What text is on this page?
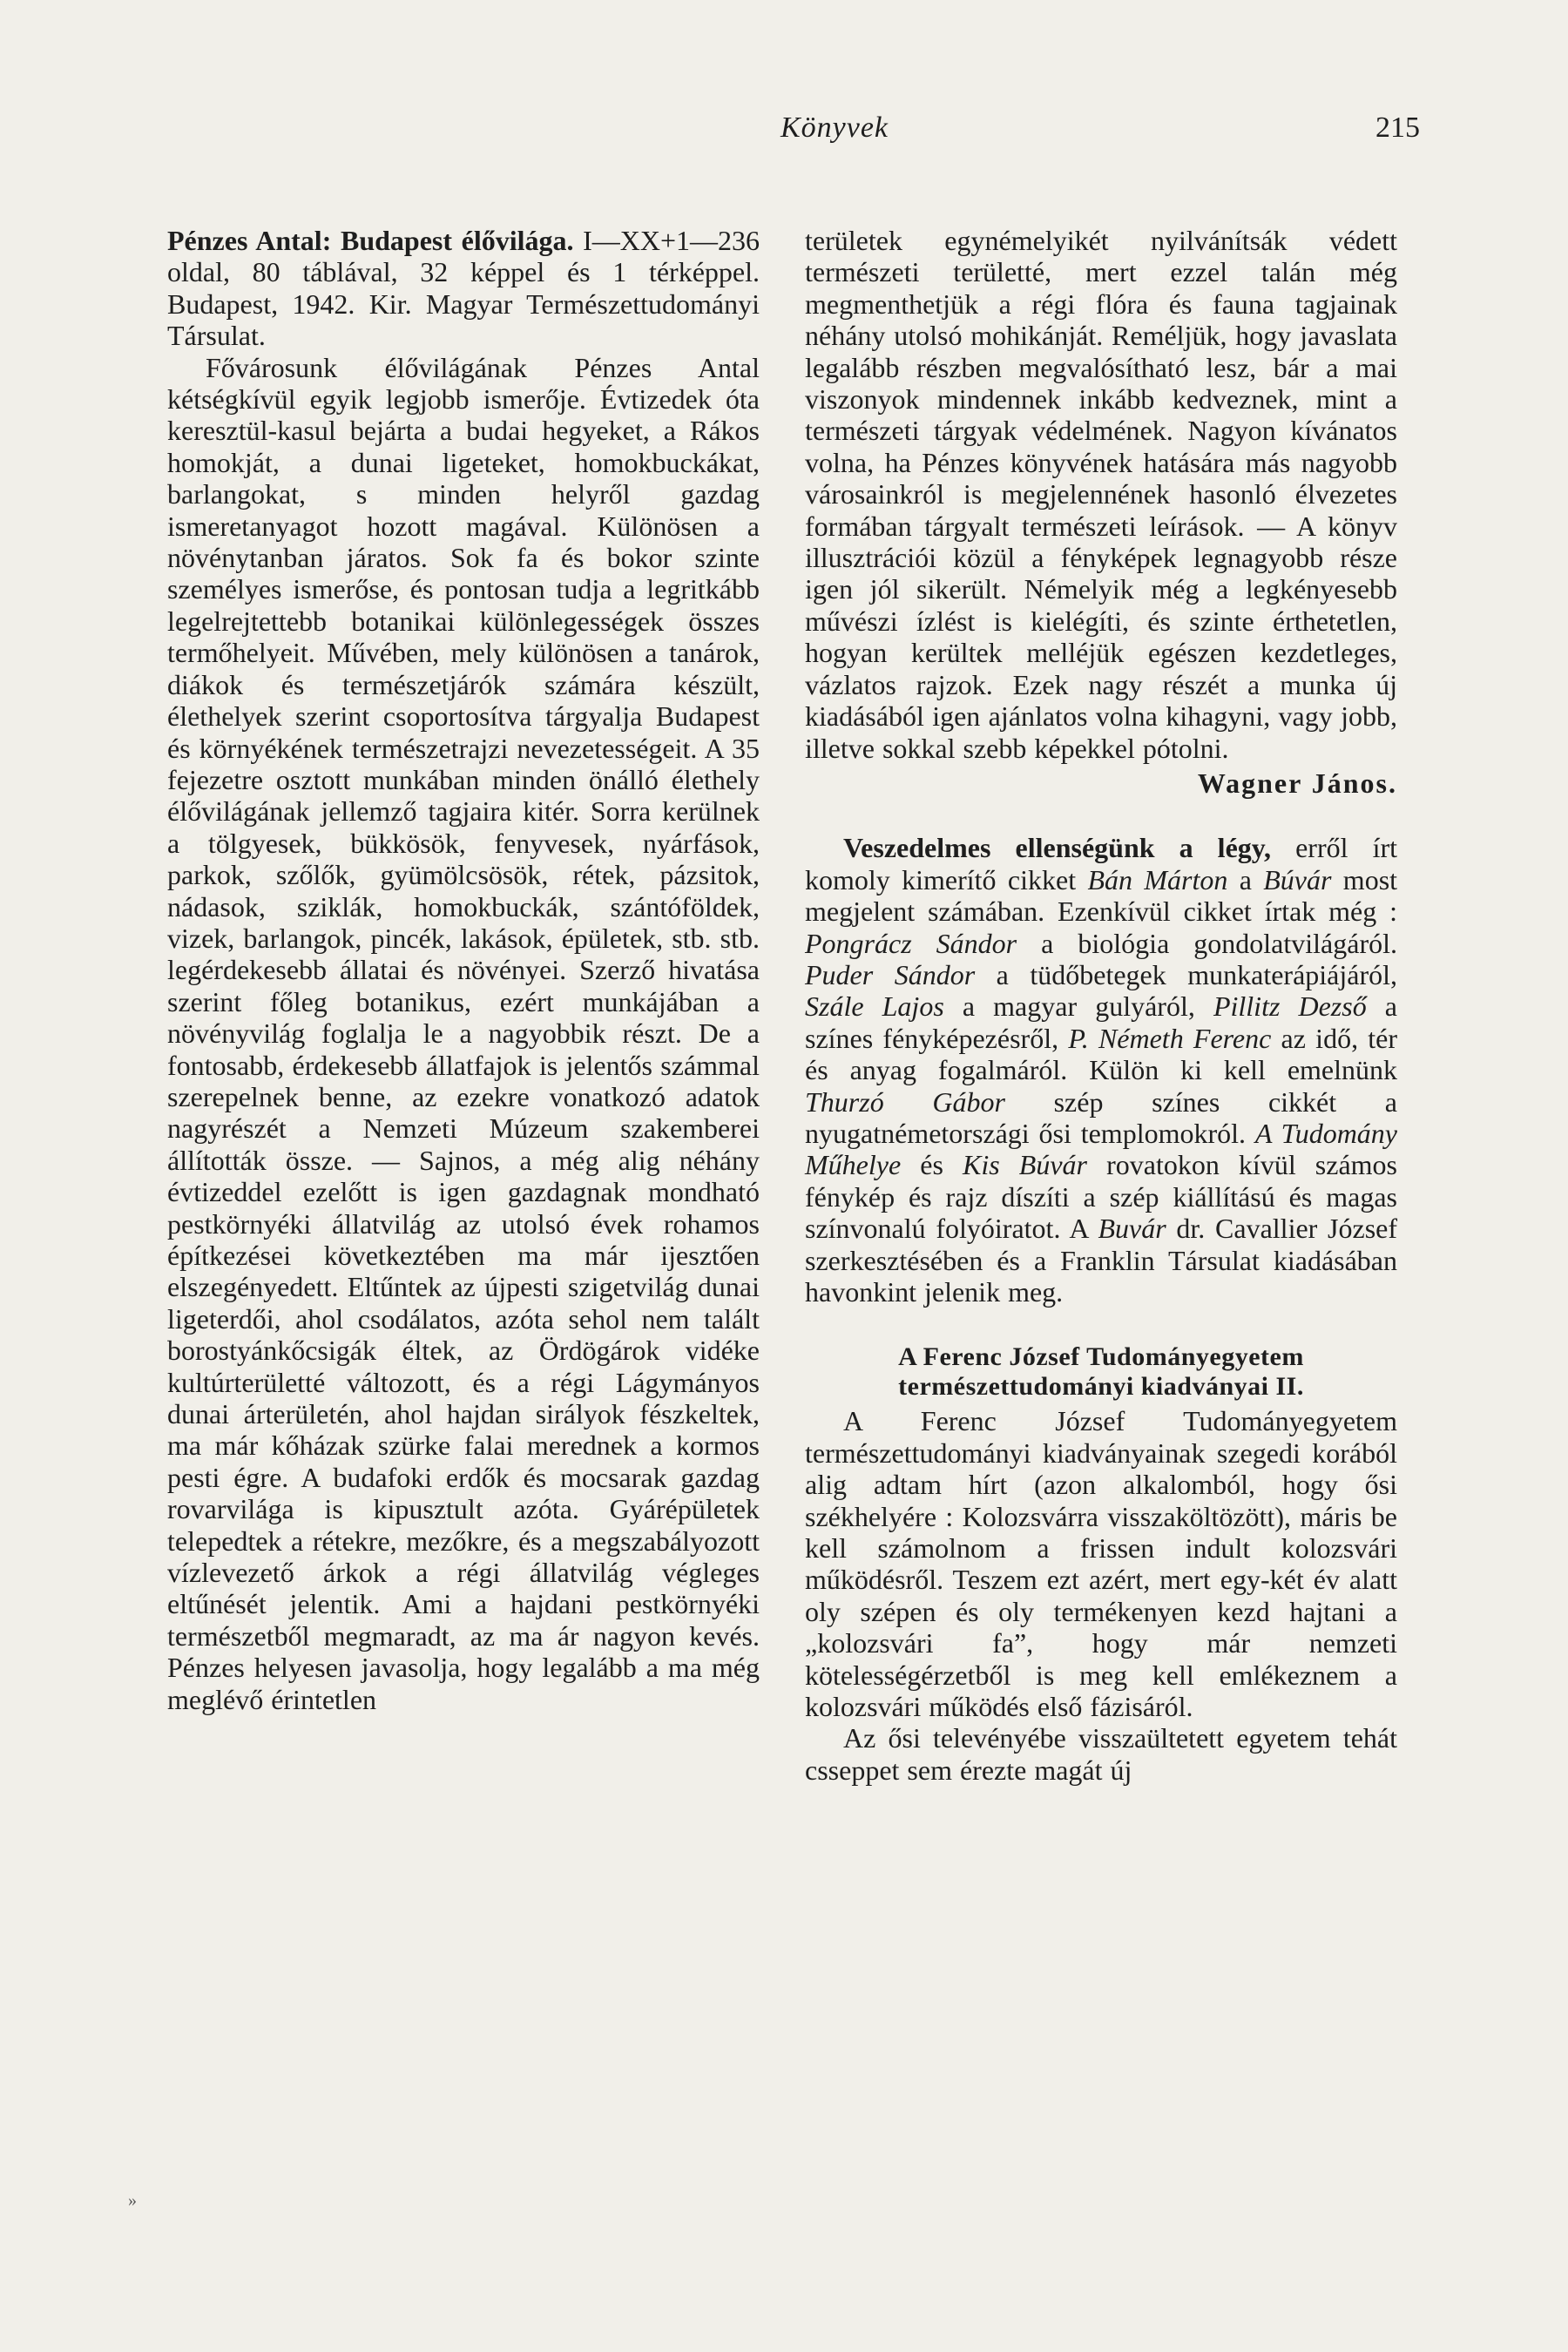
Könyvek	215

Pénzes Antal: Budapest élővilága. I—XX+1—236 oldal, 80 táblával, 32 képpel és 1 térképpel. Budapest, 1942. Kir. Magyar Természettudományi Társulat.

Fővárosunk élővilágának Pénzes Antal kétségkívül egyik legjobb ismerője. Évtizedek óta keresztül-kasul bejárta a budai hegyeket, a Rákos homokját, a dunai ligeteket, homokbuckákat, barlangokat, s minden helyről gazdag ismeretanyagot hozott magával. Különösen a növénytanban járatos. Sok fa és bokor szinte személyes ismerőse, és pontosan tudja a legritkább legelrejtettebb botanikai különlegességek összes termőhelyeit. Művében, mely különösen a tanárok, diákok és természetjárók számára készült, élethelyek szerint csoportosítva tárgyalja Budapest és környékének természetrajzi nevezetességeit. A 35 fejezetre osztott munkában minden önálló élethely élővilágának jellemző tagjaira kitér. Sorra kerülnek a tölgyesek, bükkösök, fenyvesek, nyárfások, parkok, szőlők, gyümölcsösök, rétek, pázsitok, nádasok, sziklák, homokbuckák, szántóföldek, vizek, barlangok, pincék, lakások, épületek, stb. stb. legérdekesebb állatai és növényei. Szerző hivatása szerint főleg botanikus, ezért munkájában a növényvilág foglalja le a nagyobbik részt. De a fontosabb, érdekesebb állatfajok is jelentős számmal szerepelnek benne, az ezekre vonatkozó adatok nagyrészét a Nemzeti Múzeum szakemberei állították össze. — Sajnos, a még alig néhány évtizeddel ezelőtt is igen gazdagnak mondható pestkörnyéki állatvilág az utolsó évek rohamos építkezései következtében ma már ijesztően elszegényedett. Eltűntek az újpesti szigetvilág dunai ligeterdői, ahol csodálatos, azóta sehol nem talált borostyánkőcsigák éltek, az Ördögárok vidéke kultúrterületté változott, és a régi Lágymányos dunai árterületén, ahol hajdan sirályok fészkeltek, ma már kőházak szürke falai merednek a kormos pesti égre. A budafoki erdők és mocsarak gazdag rovarvilága is kipusztult azóta. Gyárépületek telepedtek a rétekre, mezőkre, és a megszabályozott vízlevezető árkok a régi állatvilág végleges eltűnését jelentik. Ami a hajdani pestkörnyéki természetből megmaradt, az ma ár nagyon kevés. Pénzes helyesen javasolja, hogy legalább a ma még meglévő érintetlen

területek egynémelyikét nyilvánítsák védett természeti területté, mert ezzel talán még megmenthetjük a régi flóra és fauna tagjainak néhány utolsó mohikánját. Reméljük, hogy javaslata legalább részben megvalósítható lesz, bár a mai viszonyok mindennek inkább kedveznek, mint a természeti tárgyak védelmének. Nagyon kívánatos volna, ha Pénzes könyvének hatására más nagyobb városainkról is megjelennének hasonló élvezetes formában tárgyalt természeti leírások. — A könyv illusztrációi közül a fényképek legnagyobb része igen jól sikerült. Némelyik még a legkényesebb művészi ízlést is kielégíti, és szinte érthetetlen, hogyan kerültek melléjük egészen kezdetleges, vázlatos rajzok. Ezek nagy részét a munka új kiadásából igen ajánlatos volna kihagyni, vagy jobb, illetve sokkal szebb képekkel pótolni.

Wagner János.

Veszedelmes ellenségünk a légy, erről írt komoly kimerítő cikket Bán Márton a Búvár most megjelent számában. Ezenkívül cikket írtak még : Pongrácz Sándor a biológia gondolatvilágáról. Puder Sándor a tüdőbetegek munkaterápiájáról, Szále Lajos a magyar gulyáról, Pillitz Dezső a színes fényképezésről, P. Németh Ferenc az idő, tér és anyag fogalmáról. Külön ki kell emelnünk Thurzó Gábor szép színes cikkét a nyugatnémetországi ősi templomokról. A Tudomány Műhelye és Kis Búvár rovatokon kívül számos fénykép és rajz díszíti a szép kiállítású és magas színvonalú folyóiratot. A Buvár dr. Cavallier József szerkesztésében és a Franklin Társulat kiadásában havonkint jelenik meg.

A Ferenc József Tudományegyetem
természettudományi kiadványai II.

A Ferenc József Tudományegyetem természettudományi kiadványainak szegedi korából alig adtam hírt (azon alkalomból, hogy ősi székhelyére : Kolozsvárra visszaköltözött), máris be kell számolnom a frissen indult kolozsvári működésről. Teszem ezt azért, mert egy-két év alatt oly szépen és oly termékenyen kezd hajtani a „kolozsvári fa”, hogy már nemzeti kötelességérzetből is meg kell emlékeznem a kolozsvári működés első fázisáról.

Az ősi televényébe visszaültetett egyetem tehát csseppet sem érezte magát új

»
